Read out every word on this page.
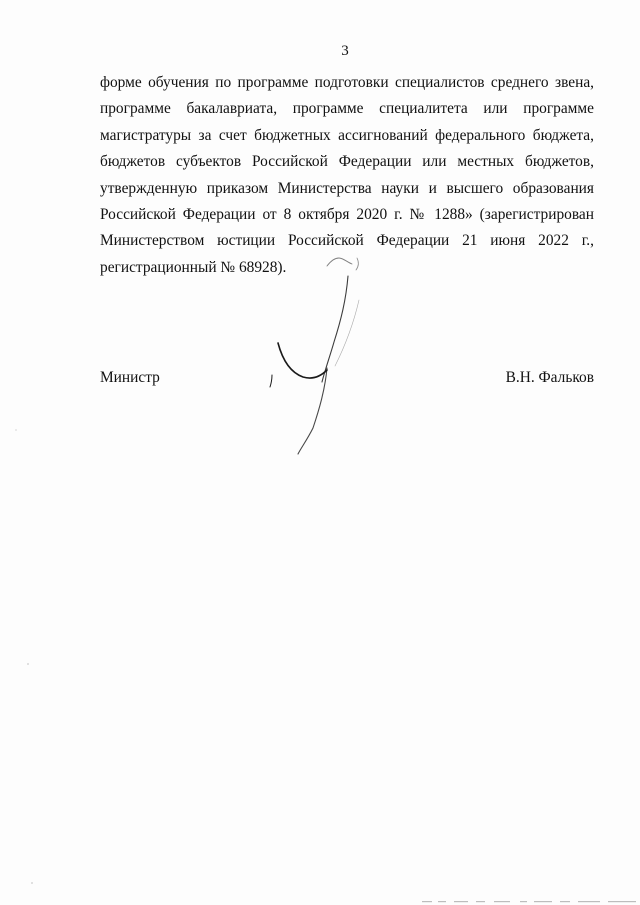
3
форме обучения по программе подготовки специалистов среднего звена,
программе бакалавриата, программе специалитета или программе
магистратуры за счет бюджетных ассигнований федерального бюджета,
бюджетов субъектов Российской Федерации или местных бюджетов,
утвержденную приказом Министерства науки и высшего образования
Российской Федерации от 8 октября 2020 г. № 1288» (зарегистрирован
Министерством юстиции Российской Федерации 21 июня 2022 г.,
регистрационный № 68928).
Министр	В.Н. Фальков
